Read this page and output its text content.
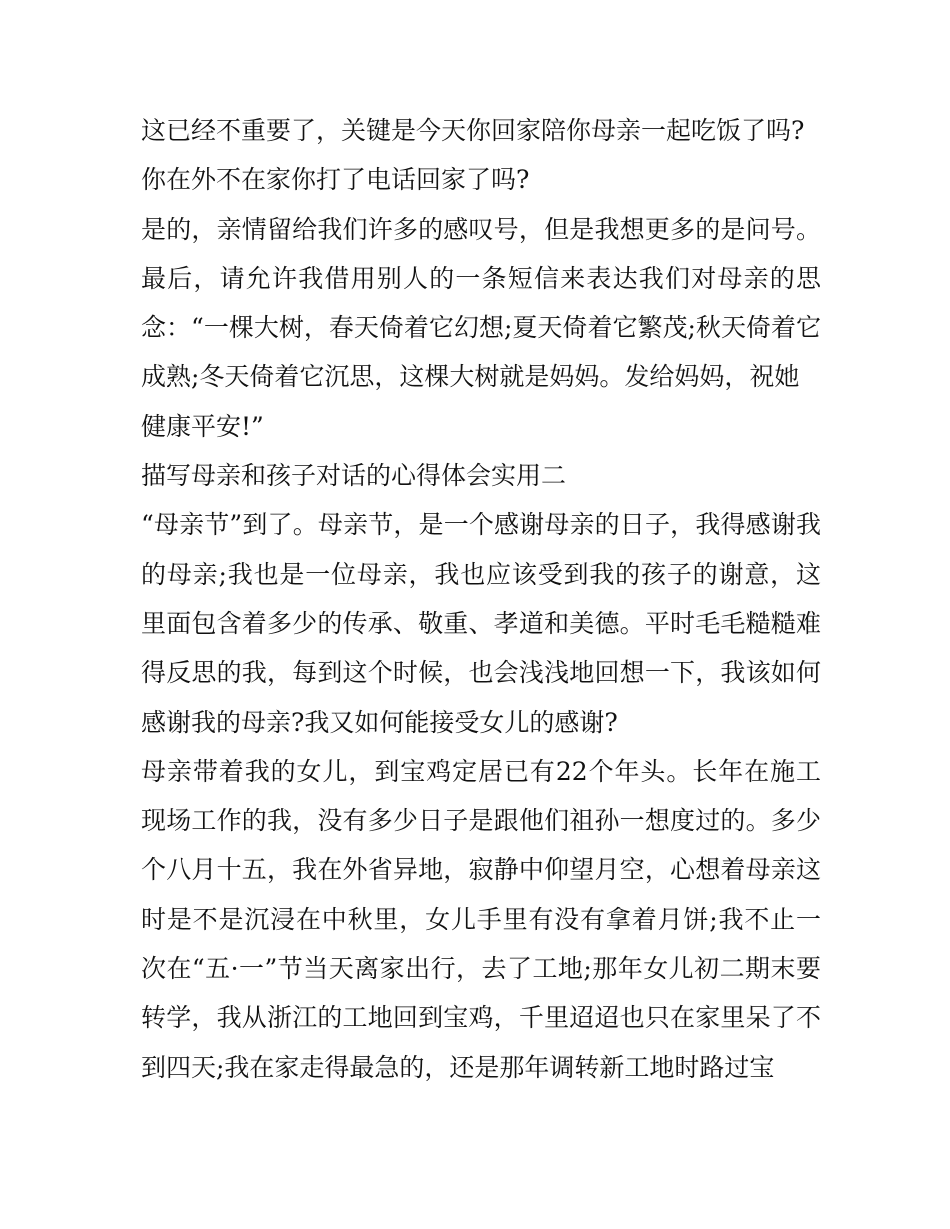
这已经不重要了，关键是今天你回家陪你母亲一起吃饭了吗?
你在外不在家你打了电话回家了吗?
是的，亲情留给我们许多的感叹号，但是我想更多的是问号。
最后，请允许我借用别人的一条短信来表达我们对母亲的思
念：“一棵大树，春天倚着它幻想;夏天倚着它繁茂;秋天倚着它
成熟;冬天倚着它沉思，这棵大树就是妈妈。发给妈妈，祝她
健康平安!”
描写母亲和孩子对话的心得体会实用二
“母亲节”到了。母亲节，是一个感谢母亲的日子，我得感谢我
的母亲;我也是一位母亲，我也应该受到我的孩子的谢意，这
里面包含着多少的传承、敬重、孝道和美德。平时毛毛糙糙难
得反思的我，每到这个时候，也会浅浅地回想一下，我该如何
感谢我的母亲?我又如何能接受女儿的感谢?
母亲带着我的女儿，到宝鸡定居已有22个年头。长年在施工
现场工作的我，没有多少日子是跟他们祖孙一想度过的。多少
个八月十五，我在外省异地，寂静中仰望月空，心想着母亲这
时是不是沉浸在中秋里，女儿手里有没有拿着月饼;我不止一
次在“五·一”节当天离家出行，去了工地;那年女儿初二期末要
转学，我从浙江的工地回到宝鸡，千里迢迢也只在家里呆了不
到四天;我在家走得最急的，还是那年调转新工地时路过宝
